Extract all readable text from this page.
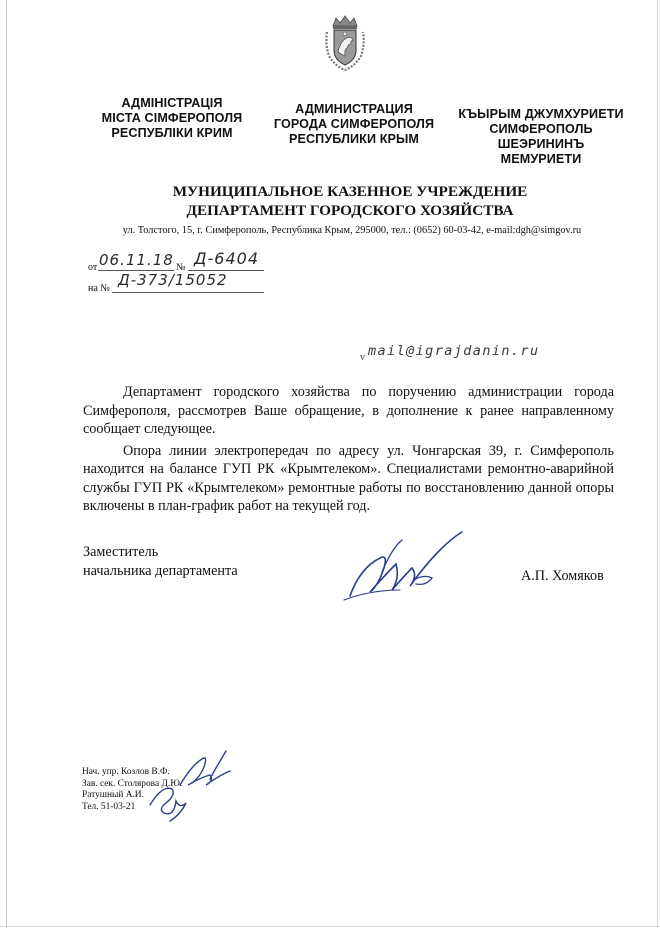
АДМІНІСТРАЦІЯ
МІСТА СІМФЕРОПОЛЯ
РЕСПУБЛІКИ КРИМ
АДМИНИСТРАЦИЯ
ГОРОДА СИМФЕРОПОЛЯ
РЕСПУБЛИКИ КРЫМ
КЪЫРЫМ ДЖУМХУРИЕТИ
СИМФЕРОПОЛЬ
ШЕЭРИНИНЪ
МЕМУРИЕТИ
МУНИЦИПАЛЬНОЕ КАЗЕННОЕ УЧРЕЖДЕНИЕ
ДЕПАРТАМЕНТ ГОРОДСКОГО ХОЗЯЙСТВА
ул. Толстого, 15, г. Симферополь, Республика Крым, 295000, тел.: (0652) 60-03-42, e-mail:dgh@simgov.ru
от 06.11.18 № Д-6404
на № Д-373/15052
v mail@igrajdanin.ru

Департамент городского хозяйства по поручению администрации города Симферополя, рассмотрев Ваше обращение, в дополнение к ранее направленному сообщает следующее.

Опора линии электропередач по адресу ул. Чонгарская 39, г. Симферополь находится на балансе ГУП РК «Крымтелеком». Специалистами ремонтно-аварийной службы ГУП РК «Крымтелеком» ремонтные работы по восстановлению данной опоры включены в план-график работ на текущей год.

Заместитель
начальника департамента	А.П. Хомяков
Нач. упр. Козлов В.Ф.
Зав. сек. Столярова Д.Ю.
Ратушный А.И.
Тел. 51-03-21
